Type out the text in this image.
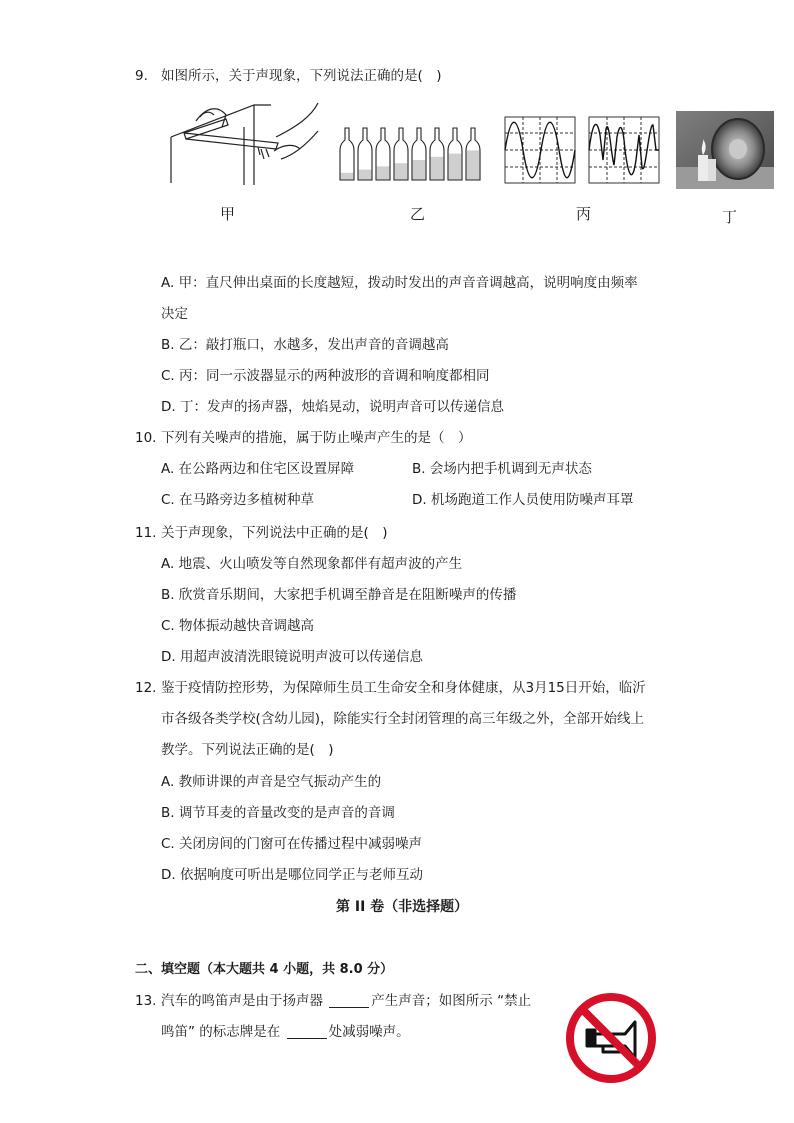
9. 如图所示，关于声现象，下列说法正确的是(　)
甲	乙	丙	丁
A. 甲：直尺伸出桌面的长度越短，拨动时发出的声音音调越高，说明响度由频率
决定
B. 乙：敲打瓶口，水越多，发出声音的音调越高
C. 丙：同一示波器显示的两种波形的音调和响度都相同
D. 丁：发声的扬声器，烛焰晃动，说明声音可以传递信息
10. 下列有关噪声的措施，属于防止噪声产生的是（　）
A. 在公路两边和住宅区设置屏障	B. 会场内把手机调到无声状态
C. 在马路旁边多植树种草	D. 机场跑道工作人员使用防噪声耳罩
11. 关于声现象，下列说法中正确的是(　)
A. 地震、火山喷发等自然现象都伴有超声波的产生
B. 欣赏音乐期间，大家把手机调至静音是在阻断噪声的传播
C. 物体振动越快音调越高
D. 用超声波清洗眼镜说明声波可以传递信息
12. 鉴于疫情防控形势，为保障师生员工生命安全和身体健康，从3月15日开始，临沂
市各级各类学校(含幼儿园)，除能实行全封闭管理的高三年级之外，全部开始线上
教学。下列说法正确的是(　)
A. 教师讲课的声音是空气振动产生的
B. 调节耳麦的音量改变的是声音的音调
C. 关闭房间的门窗可在传播过程中减弱噪声
D. 依据响度可听出是哪位同学正与老师互动
第 II 卷（非选择题）
二、填空题（本大题共 4 小题，共 8.0 分）
13. 汽车的鸣笛声是由于扬声器	产生声音；如图所示 “禁止
鸣笛” 的标志牌是在	处减弱噪声。
